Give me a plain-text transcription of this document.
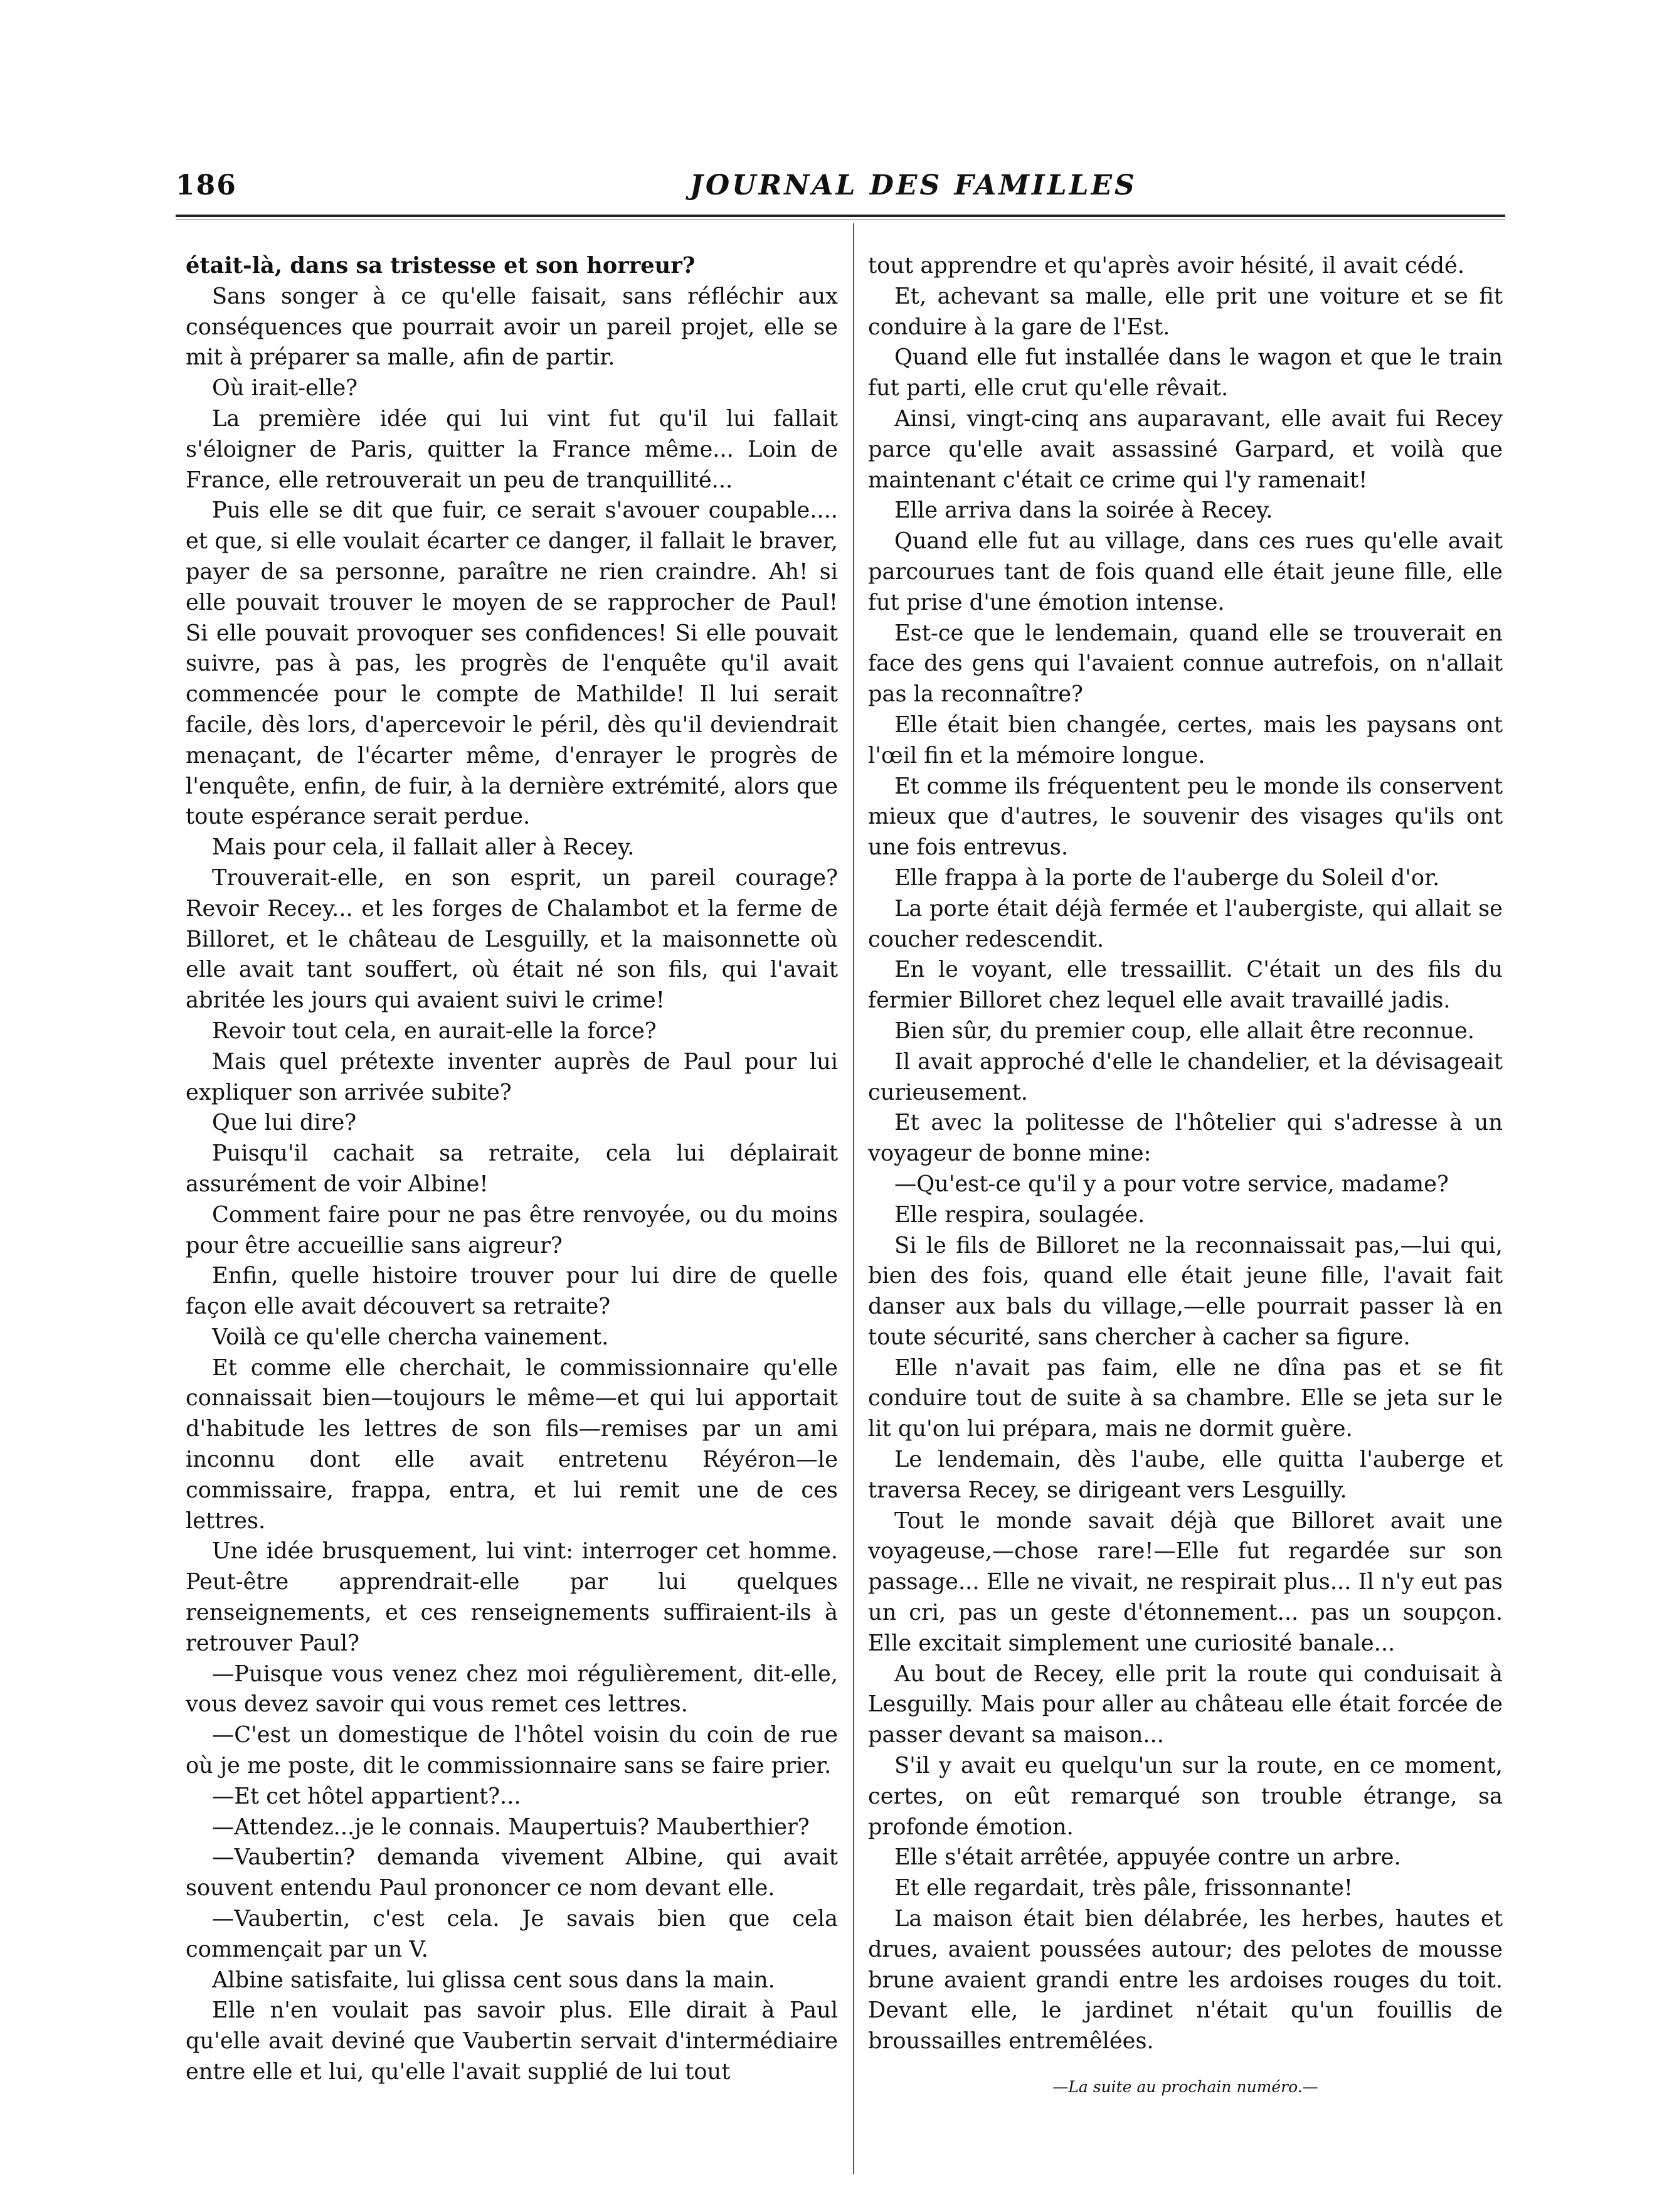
186	JOURNAL DES FAMILLES

était-là, dans sa tristesse et son horreur?

Sans songer à ce qu'elle faisait, sans réfléchir aux conséquences que pourrait avoir un pareil projet, elle se mit à préparer sa malle, afin de partir.

Où irait-elle?

La première idée qui lui vint fut qu'il lui fallait s'éloigner de Paris, quitter la France même... Loin de France, elle retrouverait un peu de tranquillité...

Puis elle se dit que fuir, ce serait s'avouer coupable.... et que, si elle voulait écarter ce danger, il fallait le braver, payer de sa personne, paraître ne rien craindre. Ah! si elle pouvait trouver le moyen de se rapprocher de Paul! Si elle pouvait provoquer ses confidences! Si elle pouvait suivre, pas à pas, les progrès de l'enquête qu'il avait commencée pour le compte de Mathilde! Il lui serait facile, dès lors, d'apercevoir le péril, dès qu'il deviendrait menaçant, de l'écarter même, d'enrayer le progrès de l'enquête, enfin, de fuir, à la dernière extrémité, alors que toute espérance serait perdue.

Mais pour cela, il fallait aller à Recey.

Trouverait-elle, en son esprit, un pareil courage? Revoir Recey... et les forges de Chalambot et la ferme de Billoret, et le château de Lesguilly, et la maisonnette où elle avait tant souffert, où était né son fils, qui l'avait abritée les jours qui avaient suivi le crime!

Revoir tout cela, en aurait-elle la force?

Mais quel prétexte inventer auprès de Paul pour lui expliquer son arrivée subite?

Que lui dire?

Puisqu'il cachait sa retraite, cela lui déplairait assurément de voir Albine!

Comment faire pour ne pas être renvoyée, ou du moins pour être accueillie sans aigreur?

Enfin, quelle histoire trouver pour lui dire de quelle façon elle avait découvert sa retraite?

Voilà ce qu'elle chercha vainement.

Et comme elle cherchait, le commissionnaire qu'elle connaissait bien—toujours le même—et qui lui apportait d'habitude les lettres de son fils—remises par un ami inconnu dont elle avait entretenu Réyéron—le commissaire, frappa, entra, et lui remit une de ces lettres.

Une idée brusquement, lui vint: interroger cet homme. Peut-être apprendrait-elle par lui quelques renseignements, et ces renseignements suffiraient-ils à retrouver Paul?

—Puisque vous venez chez moi régulièrement, dit-elle, vous devez savoir qui vous remet ces lettres.

—C'est un domestique de l'hôtel voisin du coin de rue où je me poste, dit le commissionnaire sans se faire prier.

—Et cet hôtel appartient?...

—Attendez...je le connais. Maupertuis? Mauberthier?

—Vaubertin? demanda vivement Albine, qui avait souvent entendu Paul prononcer ce nom devant elle.

—Vaubertin, c'est cela. Je savais bien que cela commençait par un V.

Albine satisfaite, lui glissa cent sous dans la main.

Elle n'en voulait pas savoir plus. Elle dirait à Paul qu'elle avait deviné que Vaubertin servait d'intermédiaire entre elle et lui, qu'elle l'avait supplié de lui tout

tout apprendre et qu'après avoir hésité, il avait cédé.

Et, achevant sa malle, elle prit une voiture et se fit conduire à la gare de l'Est.

Quand elle fut installée dans le wagon et que le train fut parti, elle crut qu'elle rêvait.

Ainsi, vingt-cinq ans auparavant, elle avait fui Recey parce qu'elle avait assassiné Garpard, et voilà que maintenant c'était ce crime qui l'y ramenait!

Elle arriva dans la soirée à Recey.

Quand elle fut au village, dans ces rues qu'elle avait parcourues tant de fois quand elle était jeune fille, elle fut prise d'une émotion intense.

Est-ce que le lendemain, quand elle se trouverait en face des gens qui l'avaient connue autrefois, on n'allait pas la reconnaître?

Elle était bien changée, certes, mais les paysans ont l'œil fin et la mémoire longue.

Et comme ils fréquentent peu le monde ils conservent mieux que d'autres, le souvenir des visages qu'ils ont une fois entrevus.

Elle frappa à la porte de l'auberge du Soleil d'or.

La porte était déjà fermée et l'aubergiste, qui allait se coucher redescendit.

En le voyant, elle tressaillit. C'était un des fils du fermier Billoret chez lequel elle avait travaillé jadis.

Bien sûr, du premier coup, elle allait être reconnue.

Il avait approché d'elle le chandelier, et la dévisageait curieusement.

Et avec la politesse de l'hôtelier qui s'adresse à un voyageur de bonne mine:

—Qu'est-ce qu'il y a pour votre service, madame?

Elle respira, soulagée.

Si le fils de Billoret ne la reconnaissait pas,—lui qui, bien des fois, quand elle était jeune fille, l'avait fait danser aux bals du village,—elle pourrait passer là en toute sécurité, sans chercher à cacher sa figure.

Elle n'avait pas faim, elle ne dîna pas et se fit conduire tout de suite à sa chambre. Elle se jeta sur le lit qu'on lui prépara, mais ne dormit guère.

Le lendemain, dès l'aube, elle quitta l'auberge et traversa Recey, se dirigeant vers Lesguilly.

Tout le monde savait déjà que Billoret avait une voyageuse,—chose rare!—Elle fut regardée sur son passage... Elle ne vivait, ne respirait plus... Il n'y eut pas un cri, pas un geste d'étonnement... pas un soupçon. Elle excitait simplement une curiosité banale...

Au bout de Recey, elle prit la route qui conduisait à Lesguilly. Mais pour aller au château elle était forcée de passer devant sa maison...

S'il y avait eu quelqu'un sur la route, en ce moment, certes, on eût remarqué son trouble étrange, sa profonde émotion.

Elle s'était arrêtée, appuyée contre un arbre.

Et elle regardait, très pâle, frissonnante!

La maison était bien délabrée, les herbes, hautes et drues, avaient poussées autour; des pelotes de mousse brune avaient grandi entre les ardoises rouges du toit. Devant elle, le jardinet n'était qu'un fouillis de broussailles entremêlées.

—La suite au prochain numéro.—
